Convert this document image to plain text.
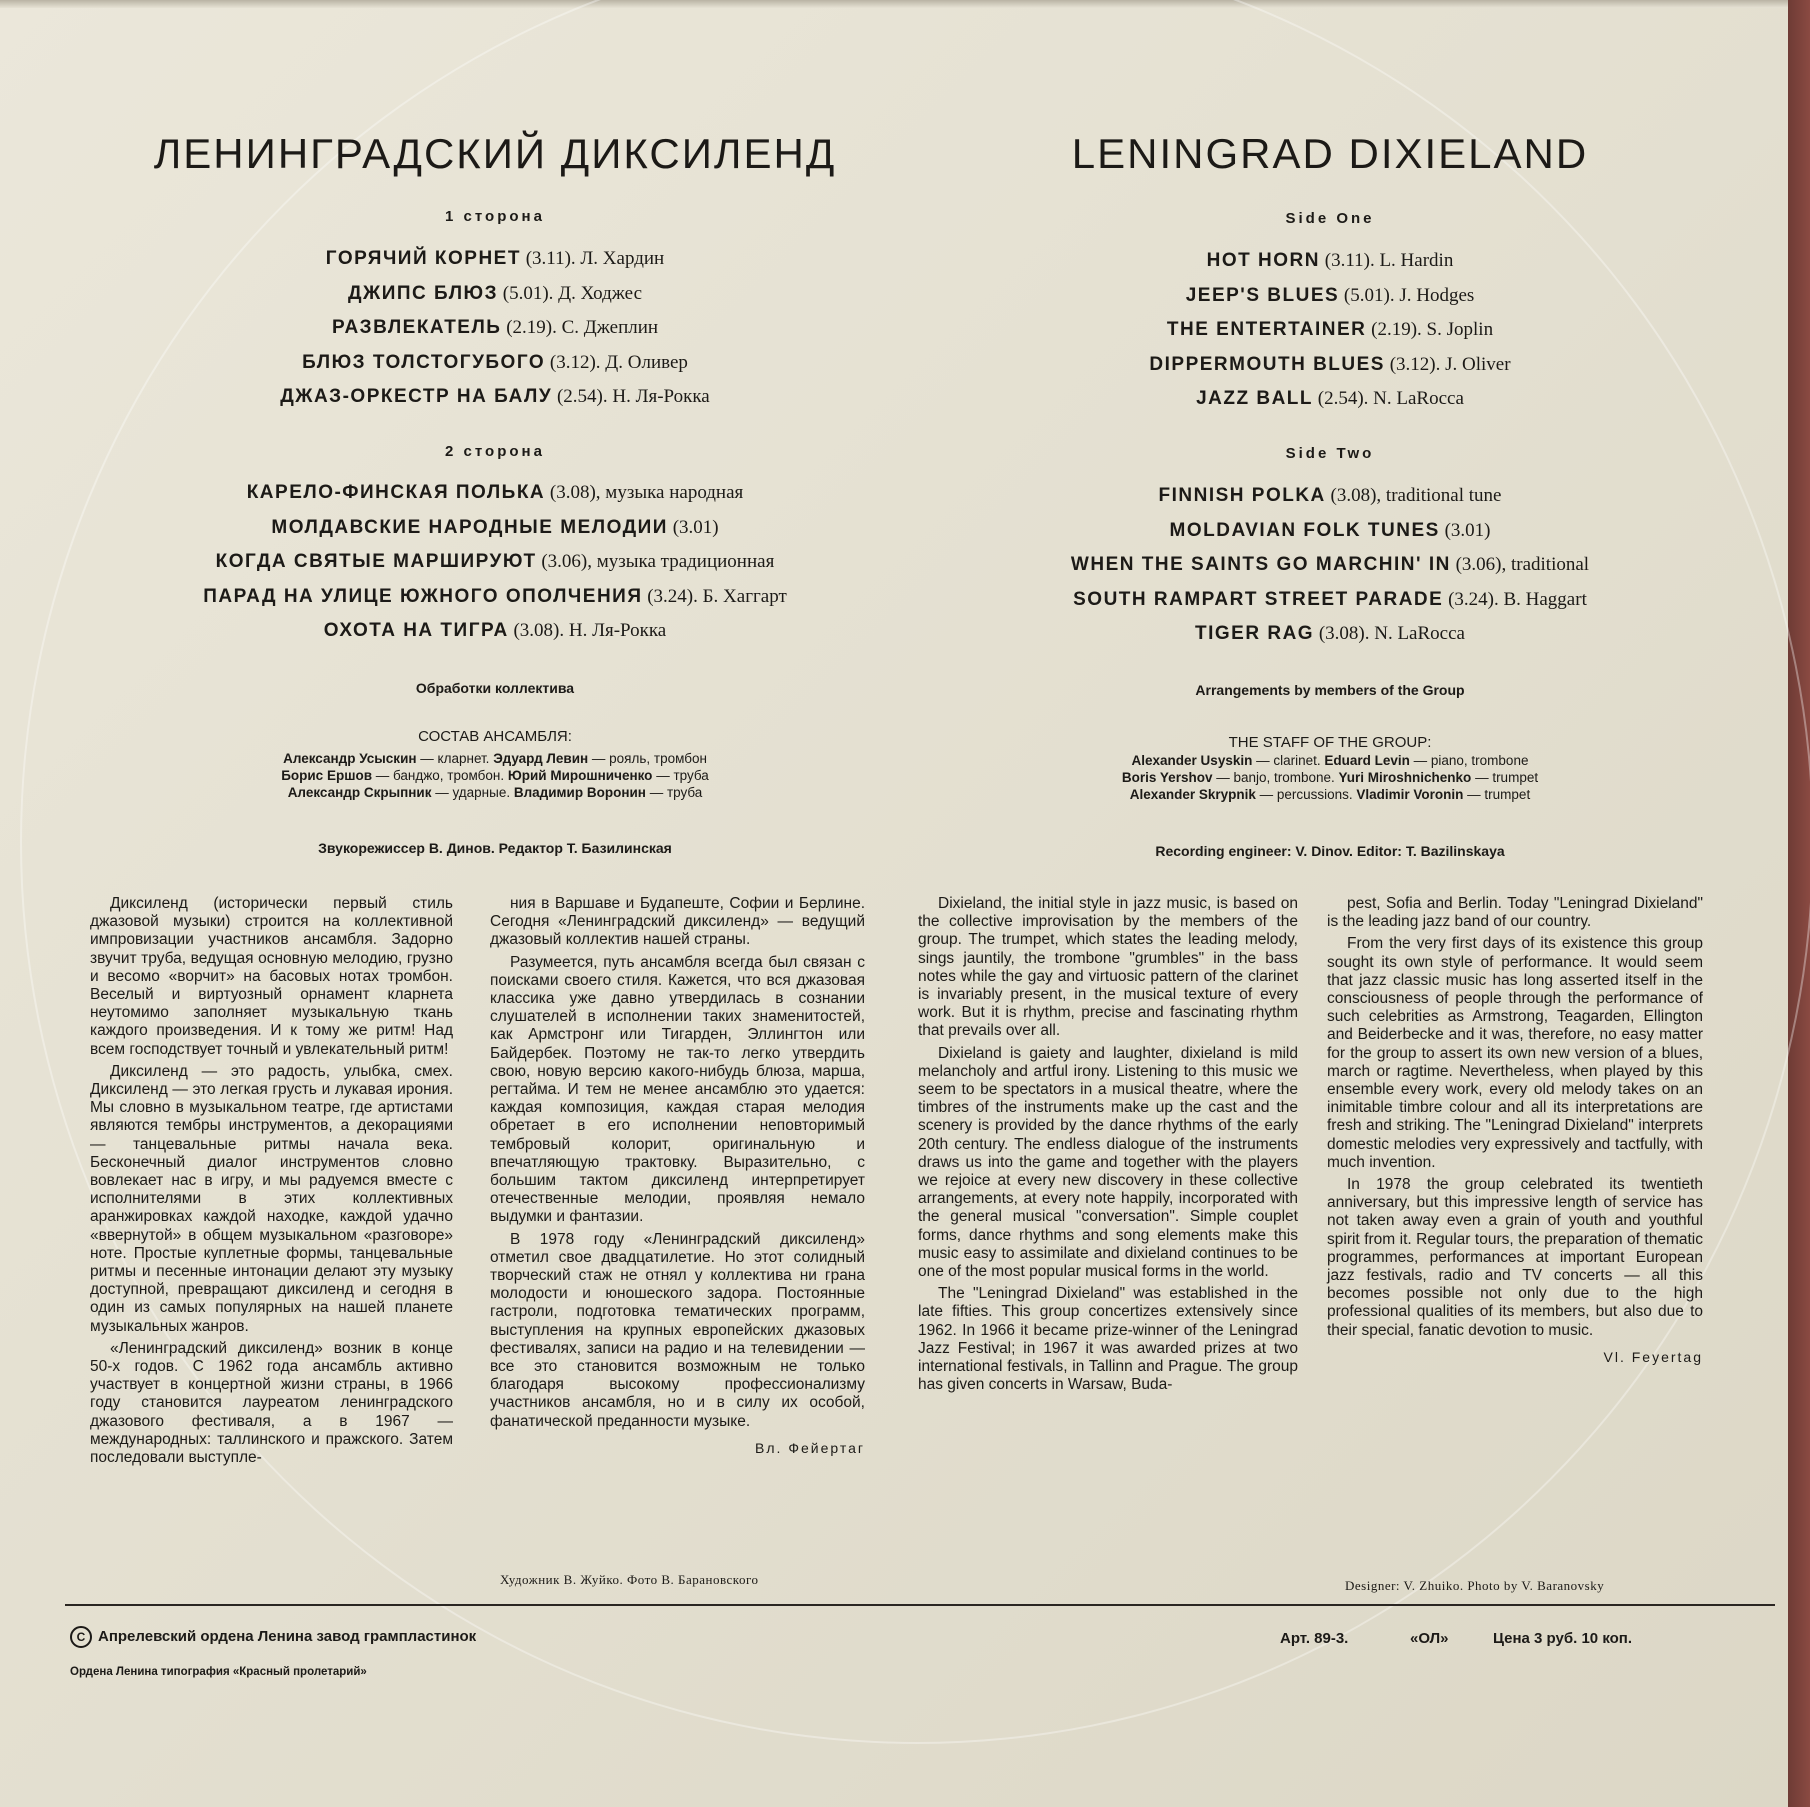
ЛЕНИНГРАДСКИЙ ДИКСИЛЕНД
1 сторона
ГОРЯЧИЙ КОРНЕТ (3.11). Л. Хардин
ДЖИПС БЛЮЗ (5.01). Д. Ходжес
РАЗВЛЕКАТЕЛЬ (2.19). С. Джеплин
БЛЮЗ ТОЛСТОГУБОГО (3.12). Д. Оливер
ДЖАЗ-ОРКЕСТР НА БАЛУ (2.54). Н. Ля-Рокка
2 сторона
КАРЕЛО-ФИНСКАЯ ПОЛЬКА (3.08), музыка народная
МОЛДАВСКИЕ НАРОДНЫЕ МЕЛОДИИ (3.01)
КОГДА СВЯТЫЕ МАРШИРУЮТ (3.06), музыка традиционная
ПАРАД НА УЛИЦЕ ЮЖНОГО ОПОЛЧЕНИЯ (3.24). Б. Хаггарт
ОХОТА НА ТИГРА (3.08). Н. Ля-Рокка
Обработки коллектива
СОСТАВ АНСАМБЛЯ:
Александр Усыскин — кларнет. Эдуард Левин — рояль, тромбон
Борис Ершов — банджо, тромбон. Юрий Мирошниченко — труба
Александр Скрыпник — ударные. Владимир Воронин — труба
Звукорежиссер В. Динов. Редактор Т. Базилинская
LENINGRAD DIXIELAND
Side One
HOT HORN (3.11). L. Hardin
JEEP'S BLUES (5.01). J. Hodges
THE ENTERTAINER (2.19). S. Joplin
DIPPERMOUTH BLUES (3.12). J. Oliver
JAZZ BALL (2.54). N. LaRocca
Side Two
FINNISH POLKA (3.08), traditional tune
MOLDAVIAN FOLK TUNES (3.01)
WHEN THE SAINTS GO MARCHIN' IN (3.06), traditional
SOUTH RAMPART STREET PARADE (3.24). B. Haggart
TIGER RAG (3.08). N. LaRocca
Arrangements by members of the Group
THE STAFF OF THE GROUP:
Alexander Usyskin — clarinet. Eduard Levin — piano, trombone
Boris Yershov — banjo, trombone. Yuri Miroshnichenko — trumpet
Alexander Skrypnik — percussions. Vladimir Voronin — trumpet
Recording engineer: V. Dinov. Editor: T. Bazilinskaya

Диксиленд (исторически первый стиль джазовой музыки) строится на коллективной импровизации участников ансамбля. Задорно звучит труба, ведущая основную мелодию, грузно и весомо «ворчит» на басовых нотах тромбон. Веселый и виртуозный орнамент кларнета неутомимо заполняет музыкальную ткань каждого произведения. И к тому же ритм! Над всем господствует точный и увлекательный ритм!

Диксиленд — это радость, улыбка, смех. Диксиленд — это легкая грусть и лукавая ирония. Мы словно в музыкальном театре, где артистами являются тембры инструментов, а декорациями — танцевальные ритмы начала века. Бесконечный диалог инструментов словно вовлекает нас в игру, и мы радуемся вместе с исполнителями в этих коллективных аранжировках каждой находке, каждой удачно «ввернутой» в общем музыкальном «разговоре» ноте. Простые куплетные формы, танцевальные ритмы и песенные интонации делают эту музыку доступной, превращают диксиленд и сегодня в один из самых популярных на нашей планете музыкальных жанров.

«Ленинградский диксиленд» возник в конце 50-х годов. С 1962 года ансамбль активно участвует в концертной жизни страны, в 1966 году становится лауреатом ленинградского джазового фестиваля, а в 1967 — международных: таллинского и пражского. Затем последовали выступле-

ния в Варшаве и Будапеште, Софии и Берлине. Сегодня «Ленинградский диксиленд» — ведущий джазовый коллектив нашей страны.

Разумеется, путь ансамбля всегда был связан с поисками своего стиля. Кажется, что вся джазовая классика уже давно утвердилась в сознании слушателей в исполнении таких знаменитостей, как Армстронг или Тигарден, Эллингтон или Байдербек. Поэтому не так-то легко утвердить свою, новую версию какого-нибудь блюза, марша, регтайма. И тем не менее ансамблю это удается: каждая композиция, каждая старая мелодия обретает в его исполнении неповторимый тембровый колорит, оригинальную и впечатляющую трактовку. Выразительно, с большим тактом диксиленд интерпретирует отечественные мелодии, проявляя немало выдумки и фантазии.

В 1978 году «Ленинградский диксиленд» отметил свое двадцатилетие. Но этот солидный творческий стаж не отнял у коллектива ни грана молодости и юношеского задора. Постоянные гастроли, подготовка тематических программ, выступления на крупных европейских джазовых фестивалях, записи на радио и на телевидении — все это становится возможным не только благодаря высокому профессионализму участников ансамбля, но и в силу их особой, фанатической преданности музыке.

Вл. Фейертаг

Dixieland, the initial style in jazz music, is based on the collective improvisation by the members of the group. The trumpet, which states the leading melody, sings jauntily, the trombone "grumbles" in the bass notes while the gay and virtuosic pattern of the clarinet is invariably present, in the musical texture of every work. But it is rhythm, precise and fascinating rhythm that prevails over all.

Dixieland is gaiety and laughter, dixieland is mild melancholy and artful irony. Listening to this music we seem to be spectators in a musical theatre, where the timbres of the instruments make up the cast and the scenery is provided by the dance rhythms of the early 20th century. The endless dialogue of the instruments draws us into the game and together with the players we rejoice at every new discovery in these collective arrangements, at every note happily, incorporated with the general musical "conversation". Simple couplet forms, dance rhythms and song elements make this music easy to assimilate and dixieland continues to be one of the most popular musical forms in the world.

The "Leningrad Dixieland" was established in the late fifties. This group concertizes extensively since 1962. In 1966 it became prize-winner of the Leningrad Jazz Festival; in 1967 it was awarded prizes at two international festivals, in Tallinn and Prague. The group has given concerts in Warsaw, Buda-

pest, Sofia and Berlin. Today "Leningrad Dixieland" is the leading jazz band of our country.

From the very first days of its existence this group sought its own style of performance. It would seem that jazz classic music has long asserted itself in the consciousness of people through the performance of such celebrities as Armstrong, Teagarden, Ellington and Beiderbecke and it was, therefore, no easy matter for the group to assert its own new version of a blues, march or ragtime. Nevertheless, when played by this ensemble every work, every old melody takes on an inimitable timbre colour and all its interpretations are fresh and striking. The "Leningrad Dixieland" interprets domestic melodies very expressively and tactfully, with much invention.

In 1978 the group celebrated its twentieth anniversary, but this impressive length of service has not taken away even a grain of youth and youthful spirit from it. Regular tours, the preparation of thematic programmes, performances at important European jazz festivals, radio and TV concerts — all this becomes possible not only due to the high professional qualities of its members, but also due to their special, fanatic devotion to music.

Vl. Feyertag
Художник В. Жуйко. Фото В. Барановского	Designer: V. Zhuiko. Photo by V. Baranovsky
C Апрелевский ордена Ленина завод грампластинок
Ордена Ленина типография «Красный пролетарий»
Арт. 89-3.	«ОЛ»	Цена 3 руб. 10 коп.
